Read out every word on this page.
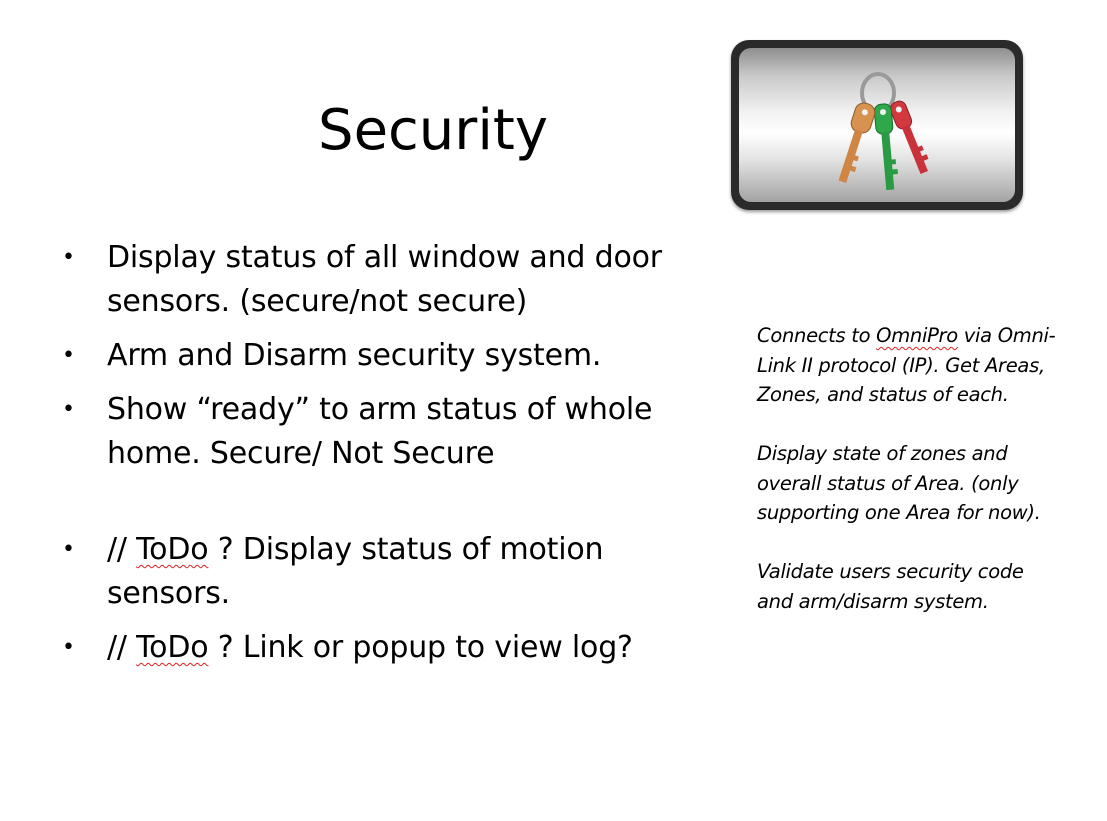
Security
• Display status of all window and door sensors. (secure/not secure)
• Arm and Disarm security system.
• Show “ready” to arm status of whole home. Secure/ Not Secure
• // ToDo ? Display status of motion sensors.
• // ToDo ? Link or popup to view log?

Connects to OmniPro via Omni-Link II protocol (IP). Get Areas, Zones, and status of each.

Display state of zones and overall status of Area. (only supporting one Area for now).

Validate users security code and arm/disarm system.
